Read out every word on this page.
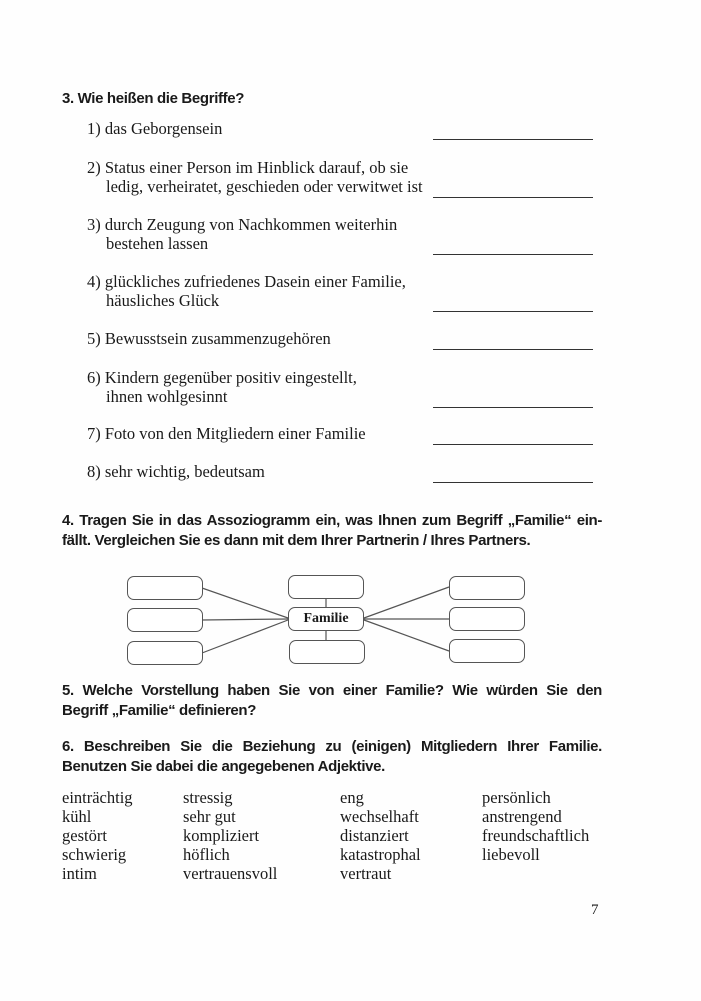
3. Wie heißen die Begriffe?
1) das Geborgensein
2) Status einer Person im Hinblick darauf, ob sie
ledig, verheiratet, geschieden oder verwitwet ist
3) durch Zeugung von Nachkommen weiterhin
bestehen lassen
4) glückliches zufriedenes Dasein einer Familie,
häusliches Glück
5) Bewusstsein zusammenzugehören
6) Kindern gegenüber positiv eingestellt,
ihnen wohlgesinnt
7) Foto von den Mitgliedern einer Familie
8) sehr wichtig, bedeutsam
4. Tragen Sie in das Assoziogramm ein, was Ihnen zum Begriff „Familie“ ein-
fällt. Vergleichen Sie es dann mit dem Ihrer Partnerin / Ihres Partners.
Familie
5. Welche Vorstellung haben Sie von einer Familie? Wie würden Sie den
Begriff „Familie“ definieren?
6. Beschreiben Sie die Beziehung zu (einigen) Mitgliedern Ihrer Familie.
Benutzen Sie dabei die angegebenen Adjektive.
einträchtig
kühl
gestört
schwierig
intim
stressig
sehr gut
kompliziert
höflich
vertrauensvoll
eng
wechselhaft
distanziert
katastrophal
vertraut
persönlich
anstrengend
freundschaftlich
liebevoll
7
